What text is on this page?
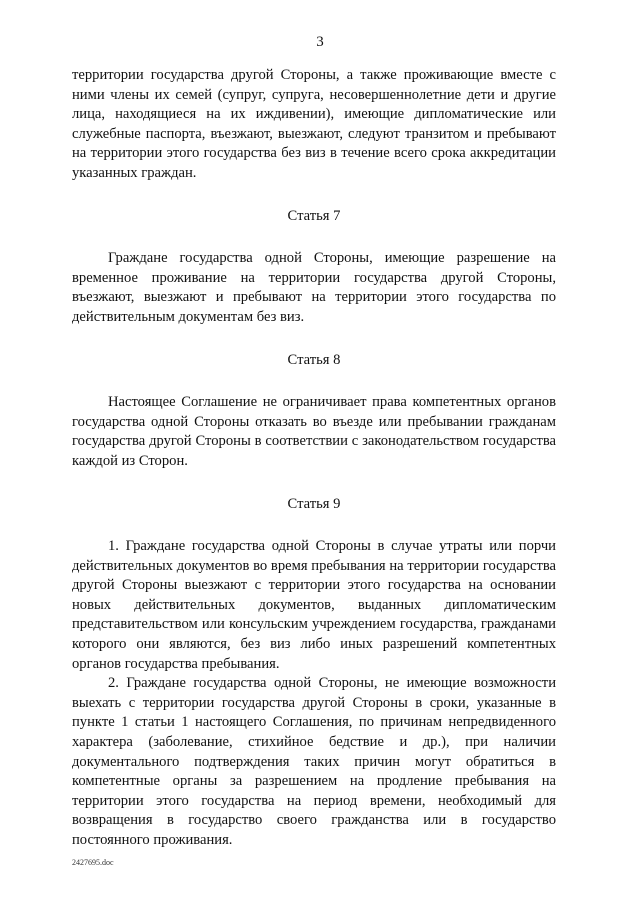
3

территории государства другой Стороны, а также проживающие вместе с ними члены их семей (супруг, супруга, несовершеннолетние дети и другие лица, находящиеся на их иждивении), имеющие дипломатические или служебные паспорта, въезжают, выезжают, следуют транзитом и пребывают на территории этого государства без виз в течение всего срока аккредитации указанных граждан.

Статья 7

Граждане государства одной Стороны, имеющие разрешение на временное проживание на территории государства другой Стороны, въезжают, выезжают и пребывают на территории этого государства по действительным документам без виз.

Статья 8

Настоящее Соглашение не ограничивает права компетентных органов государства одной Стороны отказать во въезде или пребывании гражданам государства другой Стороны в соответствии с законодательством государства каждой из Сторон.

Статья 9

1. Граждане государства одной Стороны в случае утраты или порчи действительных документов во время пребывания на территории государства другой Стороны выезжают с территории этого государства на основании новых действительных документов, выданных дипломатическим представительством или консульским учреждением государства, гражданами которого они являются, без виз либо иных разрешений компетентных органов государства пребывания.

2. Граждане государства одной Стороны, не имеющие возможности выехать с территории государства другой Стороны в сроки, указанные в пункте 1 статьи 1 настоящего Соглашения, по причинам непредвиденного характера (заболевание, стихийное бедствие и др.), при наличии документального подтверждения таких причин могут обратиться в компетентные органы за разрешением на продление пребывания на территории этого государства на период времени, необходимый для возвращения в государство своего гражданства или в государство постоянного проживания.

2427695.doc
